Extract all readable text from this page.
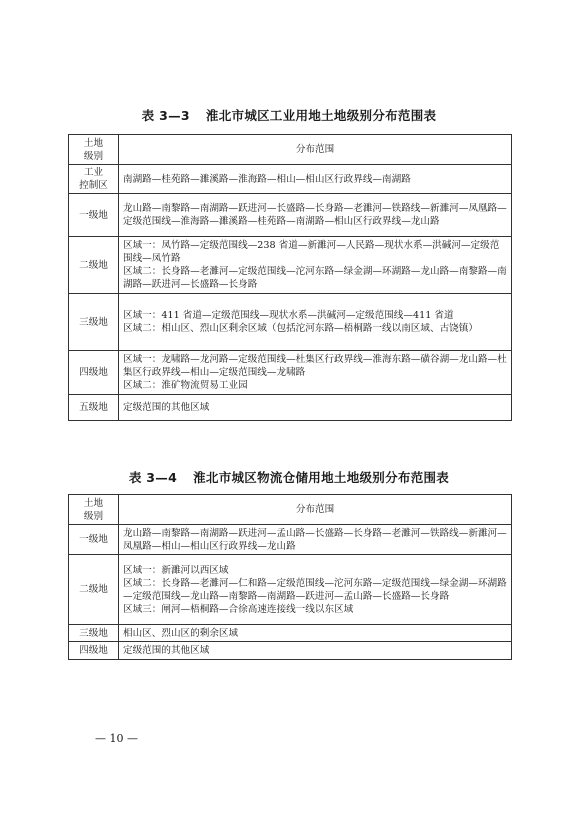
表 3—3 淮北市城区工业用地土地级别分布范围表
土地
级别	分布范围
工业
控制区	南湖路—桂苑路—濉溪路—淮海路—相山—相山区行政界线—南湖路
一级地	龙山路—南黎路—南湖路—跃进河—长盛路—长身路—老濉河—铁路线—新濉河—凤凰路—定级范围线—淮海路—濉溪路—桂苑路—南湖路—相山区行政界线—龙山路
二级地	区域一：凤竹路—定级范围线—238 省道—新濉河—人民路—现状水系—洪碱河—定级范围线—凤竹路
区域二：长身路—老濉河—定级范围线—沱河东路—绿金湖—环湖路—龙山路—南黎路—南湖路—跃进河—长盛路—长身路
三级地	区域一：411 省道—定级范围线—现状水系—洪碱河—定级范围线—411 省道
区域二：相山区、烈山区剩余区域（包括沱河东路—梧桐路一线以南区域、古饶镇）
四级地	区域一：龙啸路—龙河路—定级范围线—杜集区行政界线—淮海东路—磺谷湖—龙山路—杜集区行政界线—相山—定级范围线—龙啸路
区域二：淮矿物流贸易工业园
五级地	定级范围的其他区域
表 3—4 淮北市城区物流仓储用地土地级别分布范围表
土地
级别	分布范围
一级地	龙山路—南黎路—南湖路—跃进河—孟山路—长盛路—长身路—老濉河—铁路线—新濉河—凤凰路—相山—相山区行政界线—龙山路
二级地	区域一：新濉河以西区域
区域二：长身路—老濉河—仁和路—定级范围线—沱河东路—定级范围线—绿金湖—环湖路—定级范围线—龙山路—南黎路—南湖路—跃进河—孟山路—长盛路—长身路
区域三：闸河—梧桐路—合徐高速连接线一线以东区域
三级地	相山区、烈山区的剩余区域
四级地	定级范围的其他区域
— 10 —
